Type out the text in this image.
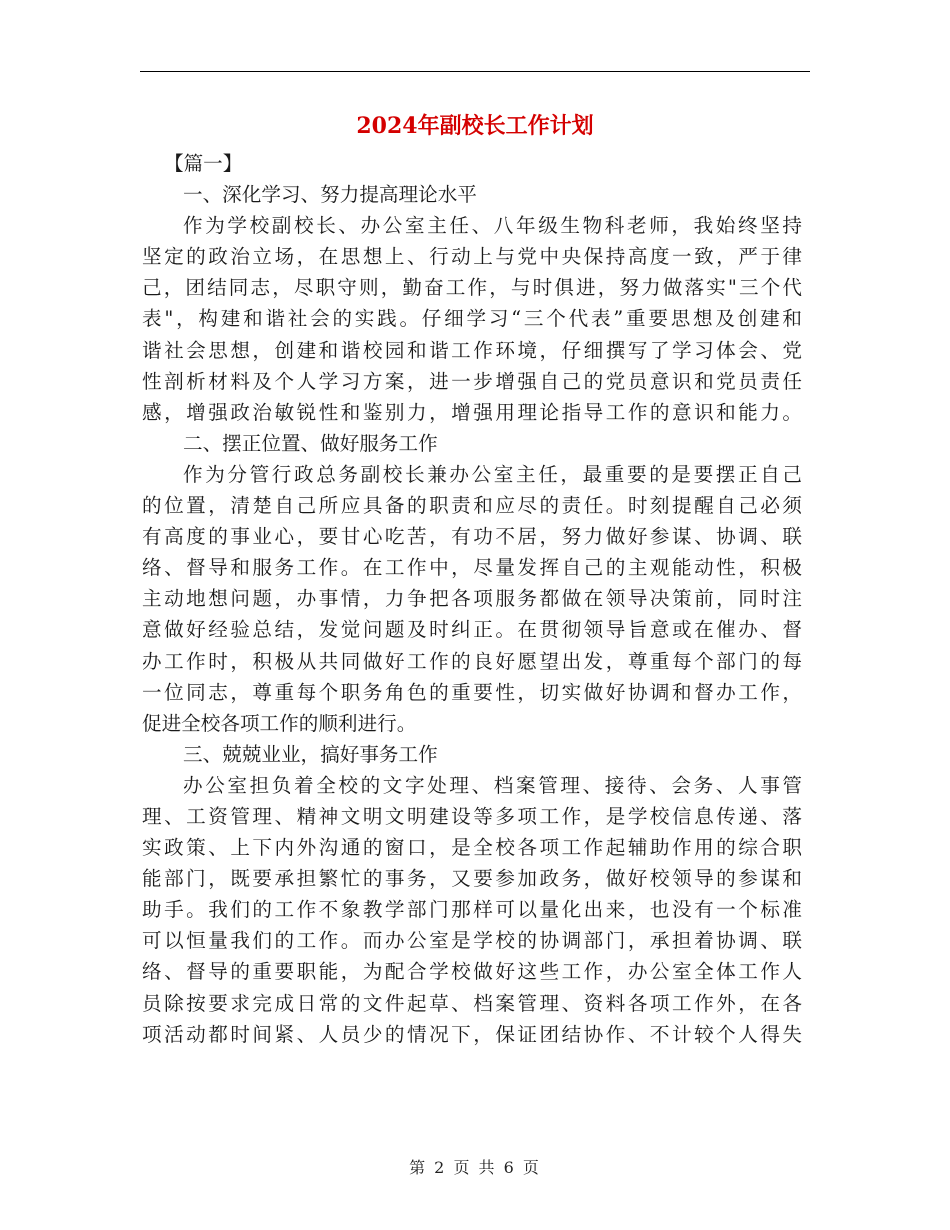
2024年副校长工作计划
【篇一】
一、深化学习、努力提高理论水平
作为学校副校长、办公室主任、八年级生物科老师，我始终坚持
坚定的政治立场，在思想上、行动上与党中央保持高度一致，严于律
己，团结同志，尽职守则，勤奋工作，与时俱进，努力做落实"三个代
表"，构建和谐社会的实践。仔细学习“三个代表”重要思想及创建和
谐社会思想，创建和谐校园和谐工作环境，仔细撰写了学习体会、党
性剖析材料及个人学习方案，进一步增强自己的党员意识和党员责任
感，增强政治敏锐性和鉴别力，增强用理论指导工作的意识和能力。
二、摆正位置、做好服务工作
作为分管行政总务副校长兼办公室主任，最重要的是要摆正自己
的位置，清楚自己所应具备的职责和应尽的责任。时刻提醒自己必须
有高度的事业心，要甘心吃苦，有功不居，努力做好参谋、协调、联
络、督导和服务工作。在工作中，尽量发挥自己的主观能动性，积极
主动地想问题，办事情，力争把各项服务都做在领导决策前，同时注
意做好经验总结，发觉问题及时纠正。在贯彻领导旨意或在催办、督
办工作时，积极从共同做好工作的良好愿望出发，尊重每个部门的每
一位同志，尊重每个职务角色的重要性，切实做好协调和督办工作，
促进全校各项工作的顺利进行。
三、兢兢业业，搞好事务工作
办公室担负着全校的文字处理、档案管理、接待、会务、人事管
理、工资管理、精神文明文明建设等多项工作，是学校信息传递、落
实政策、上下内外沟通的窗口，是全校各项工作起辅助作用的综合职
能部门，既要承担繁忙的事务，又要参加政务，做好校领导的参谋和
助手。我们的工作不象教学部门那样可以量化出来，也没有一个标准
可以恒量我们的工作。而办公室是学校的协调部门，承担着协调、联
络、督导的重要职能，为配合学校做好这些工作，办公室全体工作人
员除按要求完成日常的文件起草、档案管理、资料各项工作外，在各
项活动都时间紧、人员少的情况下，保证团结协作、不计较个人得失
第 2 页 共 6 页
